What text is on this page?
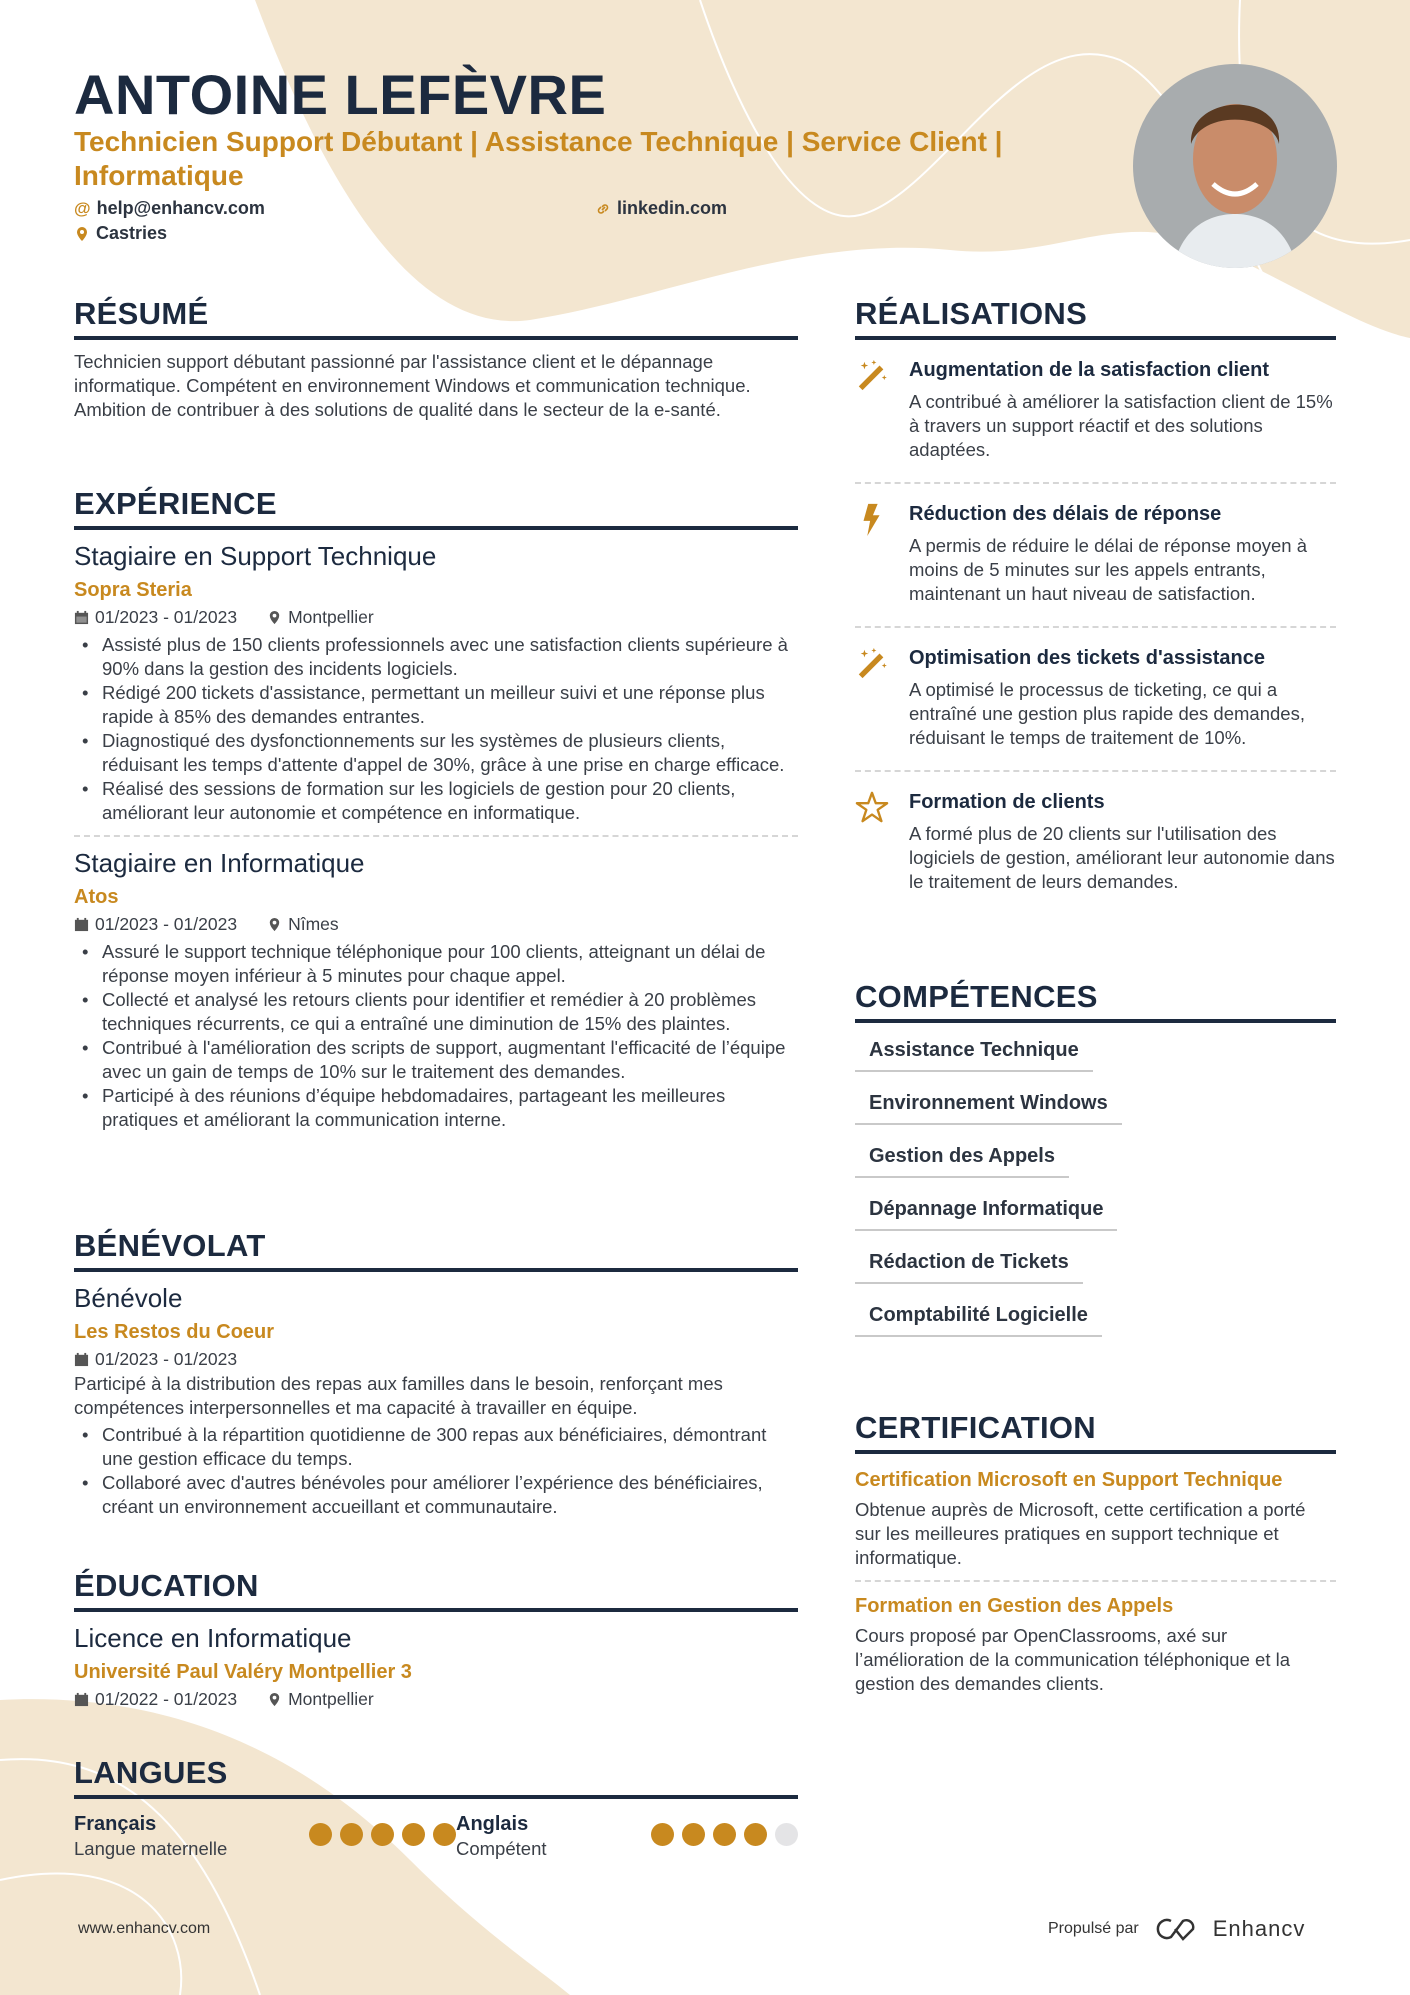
ANTOINE LEFÈVRE
Technicien Support Débutant | Assistance Technique | Service Client | Informatique
@ help@enhancv.com	linkedin.com
Castries
RÉSUMÉ

Technicien support débutant passionné par l'assistance client et le dépannage informatique. Compétent en environnement Windows et communication technique. Ambition de contribuer à des solutions de qualité dans le secteur de la e-santé.

EXPÉRIENCE
Stagiaire en Support Technique
Sopra Steria
01/2023 - 01/2023	Montpellier
• Assisté plus de 150 clients professionnels avec une satisfaction clients supérieure à 90% dans la gestion des incidents logiciels.
• Rédigé 200 tickets d'assistance, permettant un meilleur suivi et une réponse plus rapide à 85% des demandes entrantes.
• Diagnostiqué des dysfonctionnements sur les systèmes de plusieurs clients, réduisant les temps d'attente d'appel de 30%, grâce à une prise en charge efficace.
• Réalisé des sessions de formation sur les logiciels de gestion pour 20 clients, améliorant leur autonomie et compétence en informatique.
Stagiaire en Informatique
Atos
01/2023 - 01/2023	Nîmes
• Assuré le support technique téléphonique pour 100 clients, atteignant un délai de réponse moyen inférieur à 5 minutes pour chaque appel.
• Collecté et analysé les retours clients pour identifier et remédier à 20 problèmes techniques récurrents, ce qui a entraîné une diminution de 15% des plaintes.
• Contribué à l'amélioration des scripts de support, augmentant l'efficacité de l’équipe avec un gain de temps de 10% sur le traitement des demandes.
• Participé à des réunions d’équipe hebdomadaires, partageant les meilleures pratiques et améliorant la communication interne.
BÉNÉVOLAT
Bénévole
Les Restos du Coeur
01/2023 - 01/2023

Participé à la distribution des repas aux familles dans le besoin, renforçant mes compétences interpersonnelles et ma capacité à travailler en équipe.

• Contribué à la répartition quotidienne de 300 repas aux bénéficiaires, démontrant une gestion efficace du temps.
• Collaboré avec d'autres bénévoles pour améliorer l’expérience des bénéficiaires, créant un environnement accueillant et communautaire.
ÉDUCATION
Licence en Informatique
Université Paul Valéry Montpellier 3
01/2022 - 01/2023	Montpellier
LANGUES
Français

Langue maternelle

Anglais

Compétent

RÉALISATIONS
Augmentation de la satisfaction client

A contribué à améliorer la satisfaction client de 15% à travers un support réactif et des solutions adaptées.

Réduction des délais de réponse

A permis de réduire le délai de réponse moyen à moins de 5 minutes sur les appels entrants, maintenant un haut niveau de satisfaction.

Optimisation des tickets d'assistance

A optimisé le processus de ticketing, ce qui a entraîné une gestion plus rapide des demandes, réduisant le temps de traitement de 10%.

Formation de clients

A formé plus de 20 clients sur l'utilisation des logiciels de gestion, améliorant leur autonomie dans le traitement de leurs demandes.

COMPÉTENCES
Assistance Technique
Environnement Windows
Gestion des Appels
Dépannage Informatique
Rédaction de Tickets
Comptabilité Logicielle
CERTIFICATION
Certification Microsoft en Support Technique

Obtenue auprès de Microsoft, cette certification a porté sur les meilleures pratiques en support technique et informatique.

Formation en Gestion des Appels

Cours proposé par OpenClassrooms, axé sur l’amélioration de la communication téléphonique et la gestion des demandes clients.

www.enhancv.com	Propulsé par	Enhancv
